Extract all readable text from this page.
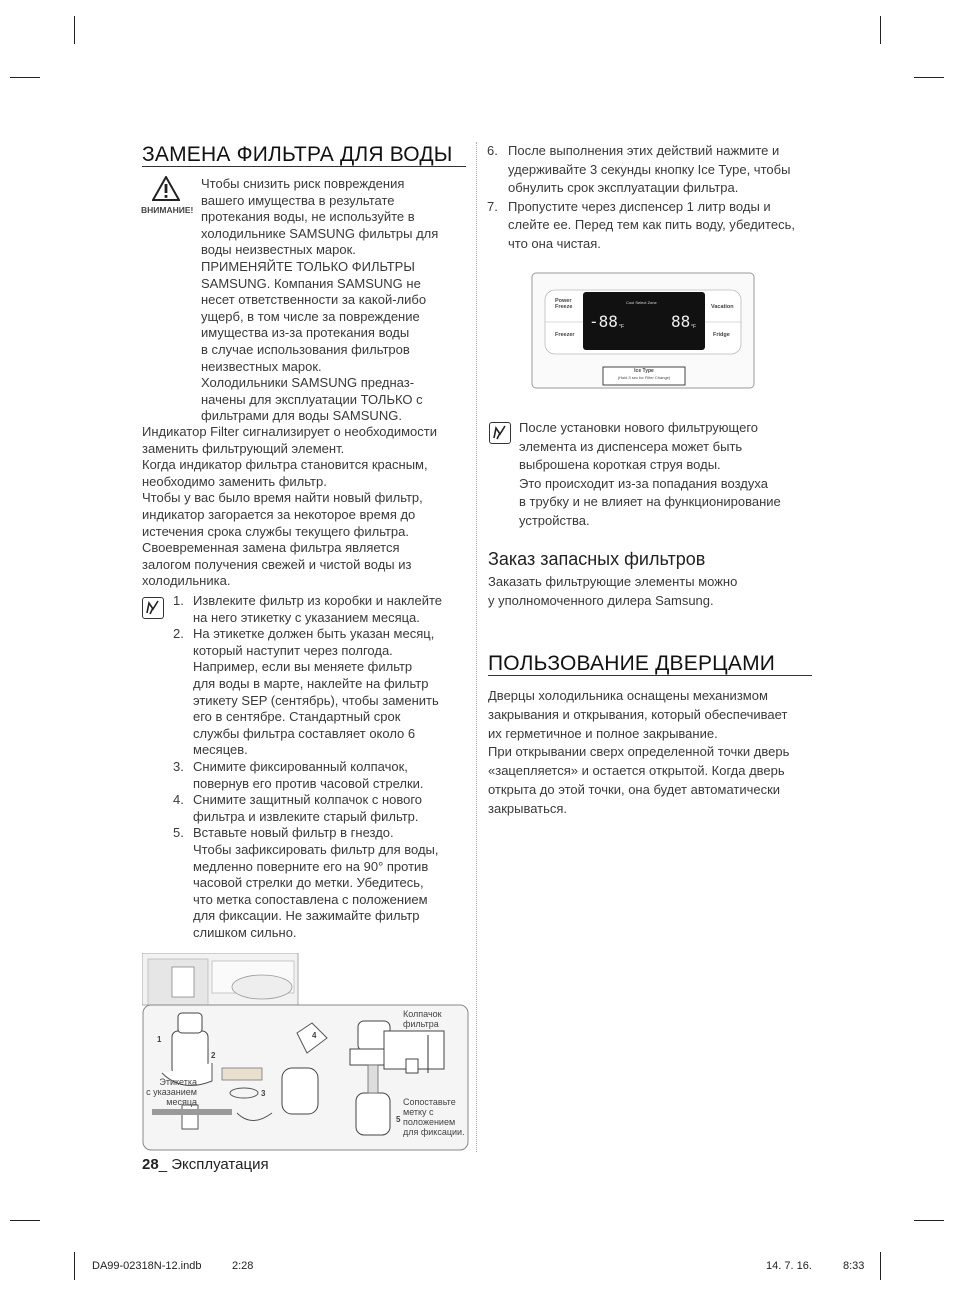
ЗАМЕНА ФИЛЬТРА ДЛЯ ВОДЫ
ВНИМАНИЕ!
Чтобы снизить риск повреждения
вашего имущества в результате
протекания воды, не используйте в
холодильнике SAMSUNG фильтры для
воды неизвестных марок.
ПРИМЕНЯЙТЕ ТОЛЬКО ФИЛЬТРЫ
SAMSUNG. Компания SAMSUNG не
несет ответственности за какой-либо
ущерб, в том числе за повреждение
имущества из-за протекания воды
в случае использования фильтров
неизвестных марок.
Холодильники SAMSUNG предназ-
начены для эксплуатации ТОЛЬКО с
фильтрами для воды SAMSUNG.
Индикатор Filter сигнализирует о необходимости
заменить фильтрующий элемент.
Когда индикатор фильтра становится красным,
необходимо заменить фильтр.
Чтобы у вас было время найти новый фильтр,
индикатор загорается за некоторое время до
истечения срока службы текущего фильтра.
Своевременная замена фильтра является
залогом получения свежей и чистой воды из
холодильника.
1. Извлеките фильтр из коробки и наклейте
на него этикетку с указанием месяца.
2. На этикетке должен быть указан месяц,
который наступит через полгода.
Например, если вы меняете фильтр
для воды в марте, наклейте на фильтр
этикету SEP (сентябрь), чтобы заменить
его в сентябре. Стандартный срок
службы фильтра составляет около 6
месяцев.
3. Снимите фиксированный колпачок,
повернув его против часовой стрелки.
4. Снимите защитный колпачок с нового
фильтра и извлеките старый фильтр.
5. Вставьте новый фильтр в гнездо.
Чтобы зафиксировать фильтр для воды,
медленно поверните его на 90° против
часовой стрелки до метки. Убедитесь,
что метка сопоставлена с положением
для фиксации. Не зажимайте фильтр
слишком сильно.
1
2
3
4
5
Этикетка
с указанием
месяца
Колпачок
фильтра
Сопоставьте
метку с
положением
для фиксации.
28_ Эксплуатация
6. После выполнения этих действий нажмите и
удерживайте 3 секунды кнопку Ice Type, чтобы
обнулить срок эксплуатации фильтра.
7. Пропустите через диспенсер 1 литр воды и
слейте ее. Перед тем как пить воду, убедитесь,
что она чистая.
Power
Freeze
Freezer
Vacation
Fridge
Cool Select Zone
-88 °F	88 °F
Ice Type
(Hold 3 sec for Filter Change)
После установки нового фильтрующего
элемента из диспенсера может быть
выброшена короткая струя воды.
Это происходит из-за попадания воздуха
в трубку и не влияет на функционирование
устройства.
Заказ запасных фильтров
Заказать фильтрующие элементы можно
у уполномоченного дилера Samsung.
ПОЛЬЗОВАНИЕ ДВЕРЦАМИ
Дверцы холодильника оснащены механизмом
закрывания и открывания, который обеспечивает
их герметичное и полное закрывание.
При открывании сверх определенной точки дверь
«зацепляется» и остается открытой. Когда дверь
открыта до этой точки, она будет автоматически
закрываться.
DA99-02318N-12.indb	2:28	14. 7. 16.	8:33
